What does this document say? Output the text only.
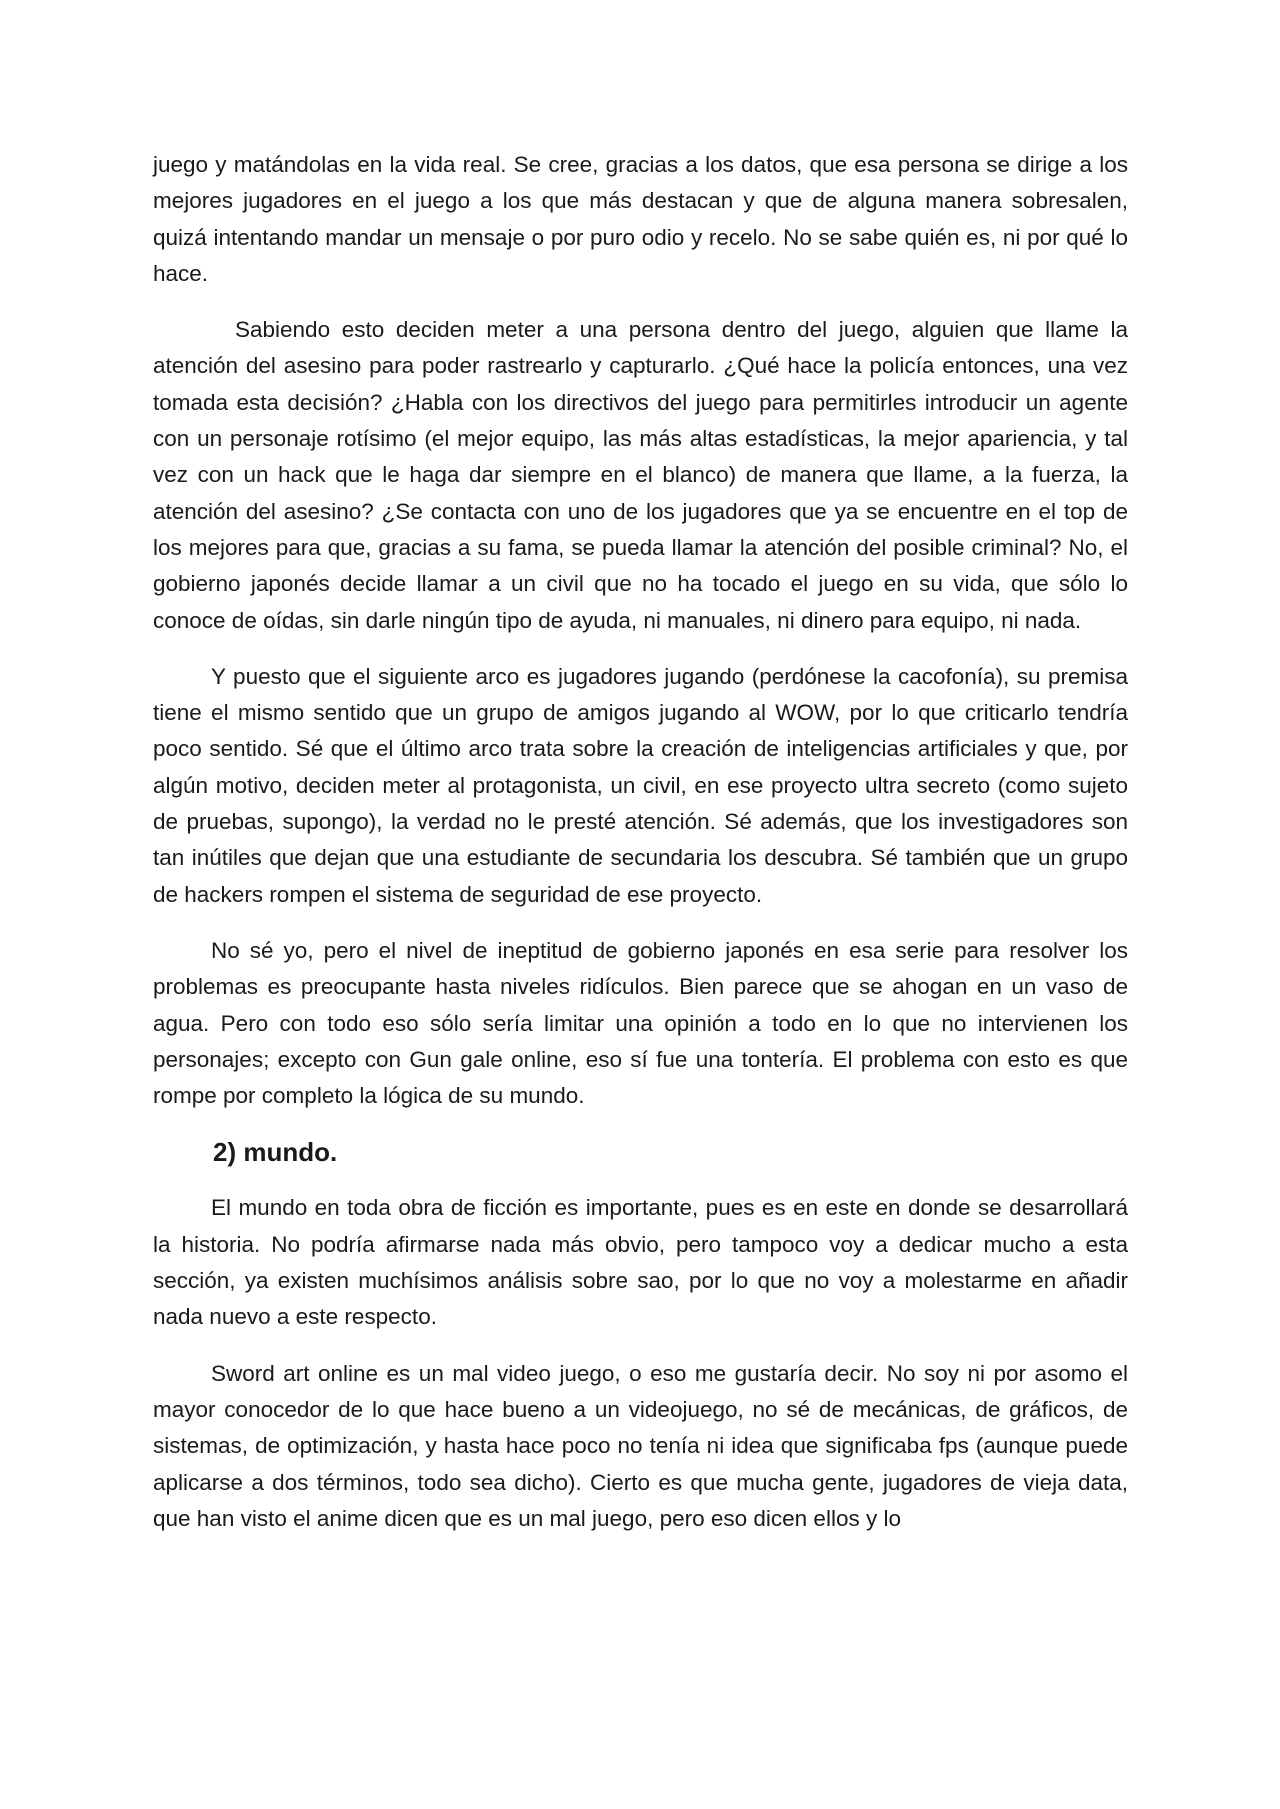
juego y matándolas en la vida real. Se cree, gracias a los datos, que esa persona se dirige a los mejores jugadores en el juego a los que más destacan y que de alguna manera sobresalen, quizá intentando mandar un mensaje o por puro odio y recelo. No se sabe quién es, ni por qué lo hace.

Sabiendo esto deciden meter a una persona dentro del juego, alguien que llame la atención del asesino para poder rastrearlo y capturarlo. ¿Qué hace la policía entonces, una vez tomada esta decisión? ¿Habla con los directivos del juego para permitirles introducir un agente con un personaje rotísimo (el mejor equipo, las más altas estadísticas, la mejor apariencia, y tal vez con un hack que le haga dar siempre en el blanco) de manera que llame, a la fuerza, la atención del asesino? ¿Se contacta con uno de los jugadores que ya se encuentre en el top de los mejores para que, gracias a su fama, se pueda llamar la atención del posible criminal? No, el gobierno japonés decide llamar a un civil que no ha tocado el juego en su vida, que sólo lo conoce de oídas, sin darle ningún tipo de ayuda, ni manuales, ni dinero para equipo, ni nada.

Y puesto que el siguiente arco es jugadores jugando (perdónese la cacofonía), su premisa tiene el mismo sentido que un grupo de amigos jugando al WOW, por lo que criticarlo tendría poco sentido. Sé que el último arco trata sobre la creación de inteligencias artificiales y que, por algún motivo, deciden meter al protagonista, un civil, en ese proyecto ultra secreto (como sujeto de pruebas, supongo), la verdad no le presté atención. Sé además, que los investigadores son tan inútiles que dejan que una estudiante de secundaria los descubra. Sé también que un grupo de hackers rompen el sistema de seguridad de ese proyecto.

No sé yo, pero el nivel de ineptitud de gobierno japonés en esa serie para resolver los problemas es preocupante hasta niveles ridículos. Bien parece que se ahogan en un vaso de agua. Pero con todo eso sólo sería limitar una opinión a todo en lo que no intervienen los personajes; excepto con Gun gale online, eso sí fue una tontería. El problema con esto es que rompe por completo la lógica de su mundo.

2) mundo.

El mundo en toda obra de ficción es importante, pues es en este en donde se desarrollará la historia. No podría afirmarse nada más obvio, pero tampoco voy a dedicar mucho a esta sección, ya existen muchísimos análisis sobre sao, por lo que no voy a molestarme en añadir nada nuevo a este respecto.

Sword art online es un mal video juego, o eso me gustaría decir. No soy ni por asomo el mayor conocedor de lo que hace bueno a un videojuego, no sé de mecánicas, de gráficos, de sistemas, de optimización, y hasta hace poco no tenía ni idea que significaba fps (aunque puede aplicarse a dos términos, todo sea dicho). Cierto es que mucha gente, jugadores de vieja data, que han visto el anime dicen que es un mal juego, pero eso dicen ellos y lo
